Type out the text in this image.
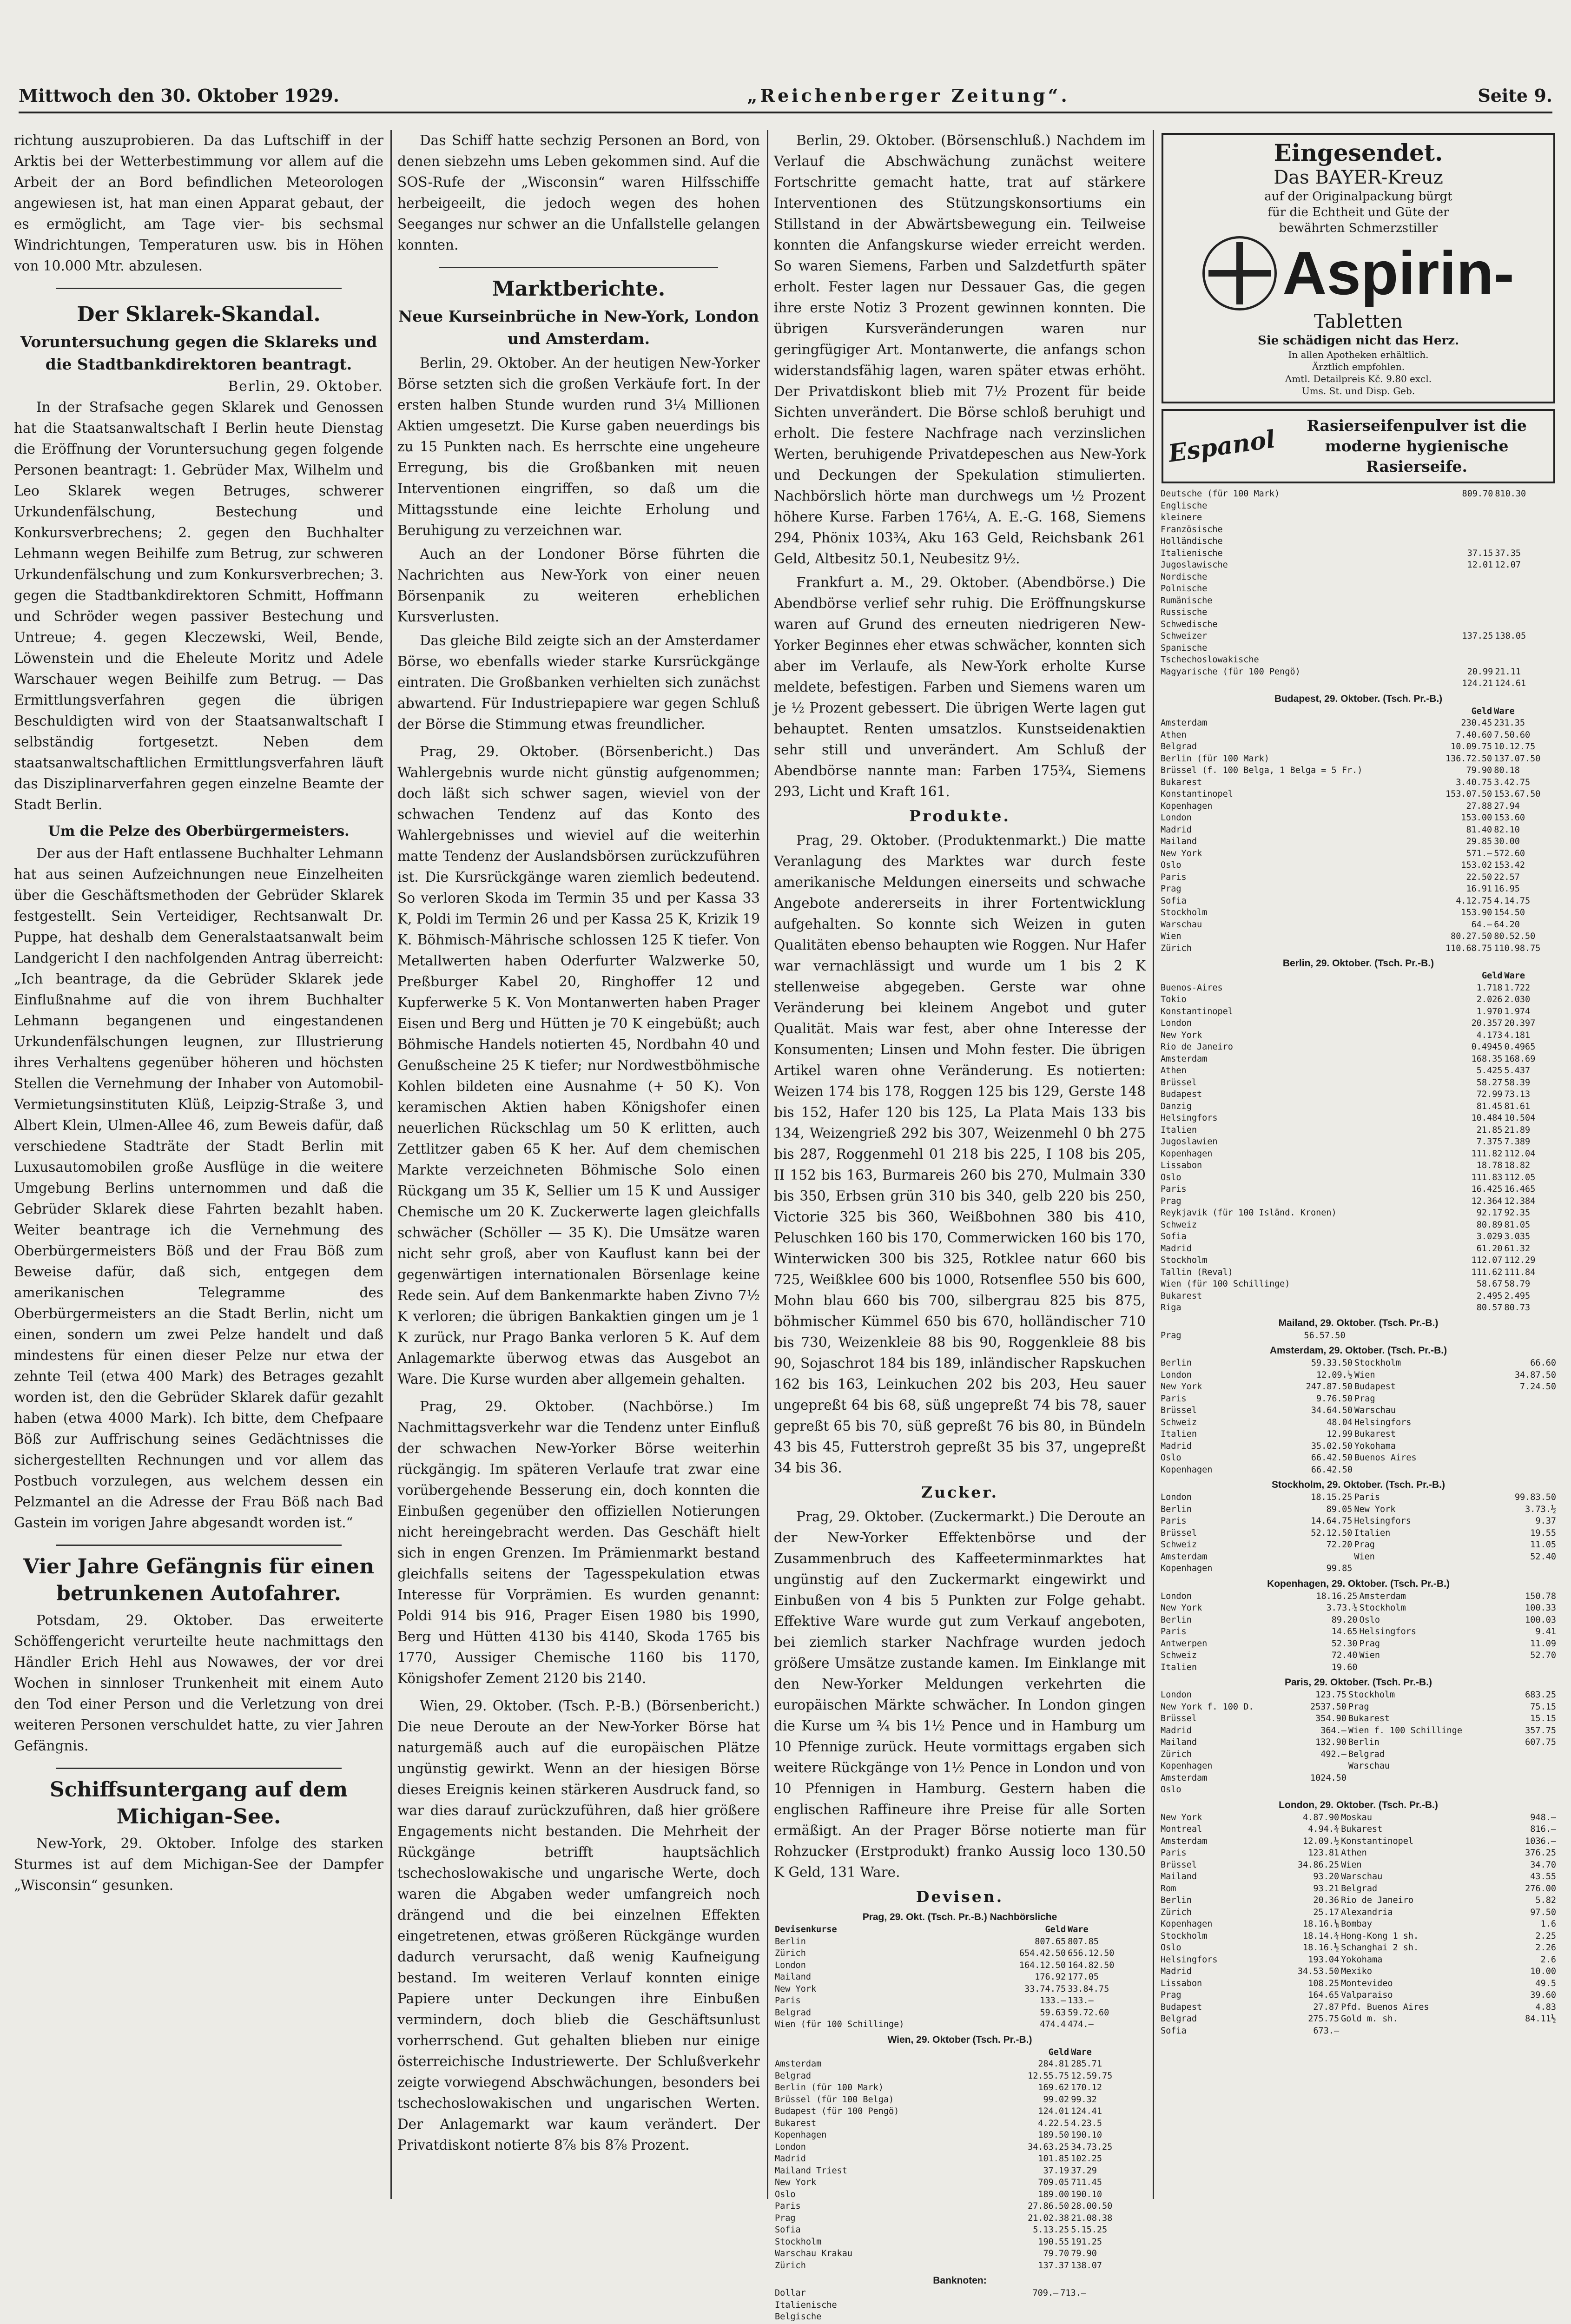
Mittwoch den 30. Oktober 1929.	„Reichenberger Zeitung“.	Seite 9.

richtung auszuprobieren. Da das Luftschiff in der Arktis bei der Wetterbestimmung vor allem auf die Arbeit der an Bord befindlichen Meteorologen angewiesen ist, hat man einen Apparat gebaut, der es ermöglicht, am Tage vier- bis sechsmal Windrichtungen, Temperaturen usw. bis in Höhen von 10.000 Mtr. abzulesen.

Der Sklarek-Skandal.
Voruntersuchung gegen die Sklareks und die Stadtbankdirektoren beantragt.
Berlin, 29. Oktober.

In der Strafsache gegen Sklarek und Genossen hat die Staatsanwaltschaft I Berlin heute Dienstag die Eröffnung der Voruntersuchung gegen folgende Personen beantragt: 1. Gebrüder Max, Wilhelm und Leo Sklarek wegen Betruges, schwerer Urkundenfälschung, Bestechung und Konkursverbrechens; 2. gegen den Buchhalter Lehmann wegen Beihilfe zum Betrug, zur schweren Urkundenfälschung und zum Konkursverbrechen; 3. gegen die Stadtbankdirektoren Schmitt, Hoffmann und Schröder wegen passiver Bestechung und Untreue; 4. gegen Kleczewski, Weil, Bende, Löwenstein und die Eheleute Moritz und Adele Warschauer wegen Beihilfe zum Betrug. — Das Ermittlungsverfahren gegen die übrigen Beschuldigten wird von der Staatsanwaltschaft I selbständig fortgesetzt. Neben dem staatsanwaltschaftlichen Ermittlungsverfahren läuft das Disziplinarverfahren gegen einzelne Beamte der Stadt Berlin.

Um die Pelze des Oberbürgermeisters.

Der aus der Haft entlassene Buchhalter Lehmann hat aus seinen Aufzeichnungen neue Einzelheiten über die Geschäftsmethoden der Gebrüder Sklarek festgestellt. Sein Verteidiger, Rechtsanwalt Dr. Puppe, hat deshalb dem Generalstaatsanwalt beim Landgericht I den nachfolgenden Antrag überreicht: „Ich beantrage, da die Gebrüder Sklarek jede Einflußnahme auf die von ihrem Buchhalter Lehmann begangenen und eingestandenen Urkundenfälschungen leugnen, zur Illustrierung ihres Verhaltens gegenüber höheren und höchsten Stellen die Vernehmung der Inhaber von Automobil-Vermietungsinstituten Klüß, Leipzig-Straße 3, und Albert Klein, Ulmen-Allee 46, zum Beweis dafür, daß verschiedene Stadträte der Stadt Berlin mit Luxusautomobilen große Ausflüge in die weitere Umgebung Berlins unternommen und daß die Gebrüder Sklarek diese Fahrten bezahlt haben. Weiter beantrage ich die Vernehmung des Oberbürgermeisters Böß und der Frau Böß zum Beweise dafür, daß sich, entgegen dem amerikanischen Telegramme des Oberbürgermeisters an die Stadt Berlin, nicht um einen, sondern um zwei Pelze handelt und daß mindestens für einen dieser Pelze nur etwa der zehnte Teil (etwa 400 Mark) des Betrages gezahlt worden ist, den die Gebrüder Sklarek dafür gezahlt haben (etwa 4000 Mark). Ich bitte, dem Chefpaare Böß zur Auffrischung seines Gedächtnisses die sichergestellten Rechnungen und vor allem das Postbuch vorzulegen, aus welchem dessen ein Pelzmantel an die Adresse der Frau Böß nach Bad Gastein im vorigen Jahre abgesandt worden ist.“

Vier Jahre Gefängnis für einen betrunkenen Autofahrer.

Potsdam, 29. Oktober. Das erweiterte Schöffengericht verurteilte heute nachmittags den Händler Erich Hehl aus Nowawes, der vor drei Wochen in sinnloser Trunkenheit mit einem Auto den Tod einer Person und die Verletzung von drei weiteren Personen verschuldet hatte, zu vier Jahren Gefängnis.

Schiffsuntergang auf dem Michigan-See.

New-York, 29. Oktober. Infolge des starken Sturmes ist auf dem Michigan-See der Dampfer „Wisconsin“ gesunken.

Das Schiff hatte sechzig Personen an Bord, von denen siebzehn ums Leben gekommen sind. Auf die SOS-Rufe der „Wisconsin“ waren Hilfsschiffe herbeigeeilt, die jedoch wegen des hohen Seeganges nur schwer an die Unfallstelle gelangen konnten.

Marktberichte.
Neue Kurseinbrüche in New-York, London und Amsterdam.

Berlin, 29. Oktober. An der heutigen New-Yorker Börse setzten sich die großen Verkäufe fort. In der ersten halben Stunde wurden rund 3¼ Millionen Aktien umgesetzt. Die Kurse gaben neuerdings bis zu 15 Punkten nach. Es herrschte eine ungeheure Erregung, bis die Großbanken mit neuen Interventionen eingriffen, so daß um die Mittagsstunde eine leichte Erholung und Beruhigung zu verzeichnen war.

Auch an der Londoner Börse führten die Nachrichten aus New-York von einer neuen Börsenpanik zu weiteren erheblichen Kursverlusten.

Das gleiche Bild zeigte sich an der Amsterdamer Börse, wo ebenfalls wieder starke Kursrückgänge eintraten. Die Großbanken verhielten sich zunächst abwartend. Für Industriepapiere war gegen Schluß der Börse die Stimmung etwas freundlicher.

Prag, 29. Oktober. (Börsenbericht.) Das Wahlergebnis wurde nicht günstig aufgenommen; doch läßt sich schwer sagen, wieviel von der schwachen Tendenz auf das Konto des Wahlergebnisses und wieviel auf die weiterhin matte Tendenz der Auslandsbörsen zurückzuführen ist. Die Kursrückgänge waren ziemlich bedeutend. So verloren Skoda im Termin 35 und per Kassa 33 K, Poldi im Termin 26 und per Kassa 25 K, Krizik 19 K. Böhmisch-Mährische schlossen 125 K tiefer. Von Metallwerten haben Oderfurter Walzwerke 50, Preßburger Kabel 20, Ringhoffer 12 und Kupferwerke 5 K. Von Montanwerten haben Prager Eisen und Berg und Hütten je 70 K eingebüßt; auch Böhmische Handels notierten 45, Nordbahn 40 und Genußscheine 25 K tiefer; nur Nordwestböhmische Kohlen bildeten eine Ausnahme (+ 50 K). Von keramischen Aktien haben Königshofer einen neuerlichen Rückschlag um 50 K erlitten, auch Zettlitzer gaben 65 K her. Auf dem chemischen Markte verzeichneten Böhmische Solo einen Rückgang um 35 K, Sellier um 15 K und Aussiger Chemische um 20 K. Zuckerwerte lagen gleichfalls schwächer (Schöller — 35 K). Die Umsätze waren nicht sehr groß, aber von Kauflust kann bei der gegenwärtigen internationalen Börsenlage keine Rede sein. Auf dem Bankenmarkte haben Zivno 7½ K verloren; die übrigen Bankaktien gingen um je 1 K zurück, nur Prago Banka verloren 5 K. Auf dem Anlagemarkte überwog etwas das Ausgebot an Ware. Die Kurse wurden aber allgemein gehalten.

Prag, 29. Oktober. (Nachbörse.) Im Nachmittagsverkehr war die Tendenz unter Einfluß der schwachen New-Yorker Börse weiterhin rückgängig. Im späteren Verlaufe trat zwar eine vorübergehende Besserung ein, doch konnten die Einbußen gegenüber den offiziellen Notierungen nicht hereingebracht werden. Das Geschäft hielt sich in engen Grenzen. Im Prämienmarkt bestand gleichfalls seitens der Tagesspekulation etwas Interesse für Vorprämien. Es wurden genannt: Poldi 914 bis 916, Prager Eisen 1980 bis 1990, Berg und Hütten 4130 bis 4140, Skoda 1765 bis 1770, Aussiger Chemische 1160 bis 1170, Königshofer Zement 2120 bis 2140.

Wien, 29. Oktober. (Tsch. P.-B.) (Börsenbericht.) Die neue Deroute an der New-Yorker Börse hat naturgemäß auch auf die europäischen Plätze ungünstig gewirkt. Wenn an der hiesigen Börse dieses Ereignis keinen stärkeren Ausdruck fand, so war dies darauf zurückzuführen, daß hier größere Engagements nicht bestanden. Die Mehrheit der Rückgänge betrifft hauptsächlich tschechoslowakische und ungarische Werte, doch waren die Abgaben weder umfangreich noch drängend und die bei einzelnen Effekten eingetretenen, etwas größeren Rückgänge wurden dadurch verursacht, daß wenig Kaufneigung bestand. Im weiteren Verlauf konnten einige Papiere unter Deckungen ihre Einbußen vermindern, doch blieb die Geschäftsunlust vorherrschend. Gut gehalten blieben nur einige österreichische Industriewerte. Der Schlußverkehr zeigte vorwiegend Abschwächungen, besonders bei tschechoslowakischen und ungarischen Werten. Der Anlagemarkt war kaum verändert. Der Privatdiskont notierte 8⅞ bis 8⅞ Prozent.

Berlin, 29. Oktober. (Börsenschluß.) Nachdem im Verlauf die Abschwächung zunächst weitere Fortschritte gemacht hatte, trat auf stärkere Interventionen des Stützungskonsortiums ein Stillstand in der Abwärtsbewegung ein. Teilweise konnten die Anfangskurse wieder erreicht werden. So waren Siemens, Farben und Salzdetfurth später erholt. Fester lagen nur Dessauer Gas, die gegen ihre erste Notiz 3 Prozent gewinnen konnten. Die übrigen Kursveränderungen waren nur geringfügiger Art. Montanwerte, die anfangs schon widerstandsfähig lagen, waren später etwas erhöht. Der Privatdiskont blieb mit 7½ Prozent für beide Sichten unverändert. Die Börse schloß beruhigt und erholt. Die festere Nachfrage nach verzinslichen Werten, beruhigende Privatdepeschen aus New-York und Deckungen der Spekulation stimulierten. Nachbörslich hörte man durchwegs um ½ Prozent höhere Kurse. Farben 176¼, A. E.-G. 168, Siemens 294, Phönix 103¾, Aku 163 Geld, Reichsbank 261 Geld, Altbesitz 50.1, Neubesitz 9½.

Frankfurt a. M., 29. Oktober. (Abendbörse.) Die Abendbörse verlief sehr ruhig. Die Eröffnungskurse waren auf Grund des erneuten niedrigeren New-Yorker Beginnes eher etwas schwächer, konnten sich aber im Verlaufe, als New-York erholte Kurse meldete, befestigen. Farben und Siemens waren um je ½ Prozent gebessert. Die übrigen Werte lagen gut behauptet. Renten umsatzlos. Kunstseidenaktien sehr still und unverändert. Am Schluß der Abendbörse nannte man: Farben 175¾, Siemens 293, Licht und Kraft 161.

Produkte.

Prag, 29. Oktober. (Produktenmarkt.) Die matte Veranlagung des Marktes war durch feste amerikanische Meldungen einerseits und schwache Angebote andererseits in ihrer Fortentwicklung aufgehalten. So konnte sich Weizen in guten Qualitäten ebenso behaupten wie Roggen. Nur Hafer war vernachlässigt und wurde um 1 bis 2 K stellenweise abgegeben. Gerste war ohne Veränderung bei kleinem Angebot und guter Qualität. Mais war fest, aber ohne Interesse der Konsumenten; Linsen und Mohn fester. Die übrigen Artikel waren ohne Veränderung. Es notierten: Weizen 174 bis 178, Roggen 125 bis 129, Gerste 148 bis 152, Hafer 120 bis 125, La Plata Mais 133 bis 134, Weizengrieß 292 bis 307, Weizenmehl 0 bh 275 bis 287, Roggenmehl 01 218 bis 225, I 108 bis 205, II 152 bis 163, Burmareis 260 bis 270, Mulmain 330 bis 350, Erbsen grün 310 bis 340, gelb 220 bis 250, Victorie 325 bis 360, Weißbohnen 380 bis 410, Peluschken 160 bis 170, Commerwicken 160 bis 170, Winterwicken 300 bis 325, Rotklee natur 660 bis 725, Weißklee 600 bis 1000, Rotsenflee 550 bis 600, Mohn blau 660 bis 700, silbergrau 825 bis 875, böhmischer Kümmel 650 bis 670, holländischer 710 bis 730, Weizenkleie 88 bis 90, Roggenkleie 88 bis 90, Sojaschrot 184 bis 189, inländischer Rapskuchen 162 bis 163, Leinkuchen 202 bis 203, Heu sauer ungepreßt 64 bis 68, süß ungepreßt 74 bis 78, sauer gepreßt 65 bis 70, süß gepreßt 76 bis 80, in Bündeln 43 bis 45, Futterstroh gepreßt 35 bis 37, ungepreßt 34 bis 36.

Zucker.

Prag, 29. Oktober. (Zuckermarkt.) Die Deroute an der New-Yorker Effektenbörse und der Zusammenbruch des Kaffeeterminmarktes hat ungünstig auf den Zuckermarkt eingewirkt und Einbußen von 4 bis 5 Punkten zur Folge gehabt. Effektive Ware wurde gut zum Verkauf angeboten, bei ziemlich starker Nachfrage wurden jedoch größere Umsätze zustande kamen. Im Einklange mit den New-Yorker Meldungen verkehrten die europäischen Märkte schwächer. In London gingen die Kurse um ¾ bis 1½ Pence und in Hamburg um 10 Pfennige zurück. Heute vormittags ergaben sich weitere Rückgänge von 1½ Pence in London und von 10 Pfennigen in Hamburg. Gestern haben die englischen Raffineure ihre Preise für alle Sorten ermäßigt. An der Prager Börse notierte man für Rohzucker (Erstprodukt) franko Aussig loco 130.50 K Geld, 131 Ware.

Devisen.
Prag, 29. Okt. (Tsch. Pr.-B.) Nachbörsliche
Devisenkurse	Geld	Ware
Berlin	807.65	807.85
Zürich	654.42.50	656.12.50
London	164.12.50	164.82.50
Mailand	176.92	177.05
New York	33.74.75	33.84.75
Paris	133.—	133.—
Belgrad	59.63	59.72.60
Wien (für 100 Schillinge)	474.4	474.—
Wien, 29. Oktober (Tsch. Pr.-B.)
	Geld	Ware
Amsterdam	284.81	285.71
Belgrad	12.55.75	12.59.75
Berlin (für 100 Mark)	169.62	170.12
Brüssel (für 100 Belga)	99.02	99.32
Budapest (für 100 Pengö)	124.01	124.41
Bukarest	4.22.5	4.23.5
Kopenhagen	189.50	190.10
London	34.63.25	34.73.25
Madrid	101.85	102.25
Mailand Triest	37.19	37.29
New York	709.05	711.45
Oslo	189.00	190.10
Paris	27.86.50	28.00.50
Prag	21.02.38	21.08.38
Sofia	5.13.25	5.15.25
Stockholm	190.55	191.25
Warschau Krakau	79.70	79.90
Zürich	137.37	138.07
Banknoten:
Dollar	709.—	713.—
Italienische		
Belgische		

Eingesendet.
Das BAYER-Kreuz
auf der Originalpackung bürgt
für die Echtheit und Güte der
bewährten Schmerzstiller
Aspirin-
Tabletten
Sie schädigen nicht das Herz.
In allen Apotheken erhältlich.
Ärztlich empfohlen.
Amtl. Detailpreis Kč. 9.80 excl.
Ums. St. und Disp. Geb.
Espanol	Rasierseifenpulver ist die moderne hygienische Rasierseife.
Deutsche (für 100 Mark)	809.70	810.30
Englische		
kleinere		
Französische		
Holländische		
Italienische	37.15	37.35
Jugoslawische	12.01	12.07
Nordische		
Polnische		
Rumänische		
Russische		
Schwedische		
Schweizer	137.25	138.05
Spanische		
Tschechoslowakische		
Magyarische (für 100 Pengö)	20.99	21.11
	124.21	124.61
Budapest, 29. Oktober. (Tsch. Pr.-B.)
	Geld	Ware
Amsterdam	230.45	231.35
Athen	7.40.60	7.50.60
Belgrad	10.09.75	10.12.75
Berlin (für 100 Mark)	136.72.50	137.07.50
Brüssel (f. 100 Belga, 1 Belga = 5 Fr.)	79.90	80.18
Bukarest	3.40.75	3.42.75
Konstantinopel	153.07.50	153.67.50
Kopenhagen	27.88	27.94
London	153.00	153.60
Madrid	81.40	82.10
Mailand	29.85	30.00
New York	571.—	572.60
Oslo	153.02	153.42
Paris	22.50	22.57
Prag	16.91	16.95
Sofia	4.12.75	4.14.75
Stockholm	153.90	154.50
Warschau	64.—	64.20
Wien	80.27.50	80.52.50
Zürich	110.68.75	110.98.75
Berlin, 29. Oktober. (Tsch. Pr.-B.)
	Geld	Ware
Buenos-Aires	1.718	1.722
Tokio	2.026	2.030
Konstantinopel	1.970	1.974
London	20.357	20.397
New York	4.173	4.181
Rio de Janeiro	0.4945	0.4965
Amsterdam	168.35	168.69
Athen	5.425	5.437
Brüssel	58.27	58.39
Budapest	72.99	73.13
Danzig	81.45	81.61
Helsingfors	10.484	10.504
Italien	21.85	21.89
Jugoslawien	7.375	7.389
Kopenhagen	111.82	112.04
Lissabon	18.78	18.82
Oslo	111.83	112.05
Paris	16.425	16.465
Prag	12.364	12.384
Reykjavik (für 100 Isländ. Kronen)	92.17	92.35
Schweiz	80.89	81.05
Sofia	3.029	3.035
Madrid	61.20	61.32
Stockholm	112.07	112.29
Tallin (Reval)	111.62	111.84
Wien (für 100 Schillinge)	58.67	58.79
Bukarest	2.495	2.495
Riga	80.57	80.73
Mailand, 29. Oktober. (Tsch. Pr.-B.)
Prag		56.57.50
Amsterdam, 29. Oktober. (Tsch. Pr.-B.)
Berlin	59.33.50	Stockholm	66.60
London	12.09.½	Wien	34.87.50
New York	247.87.50	Budapest	7.24.50
Paris	9.76.50	Prag	
Brüssel	34.64.50	Warschau	
Schweiz	48.04	Helsingfors	
Italien	12.99	Bukarest	
Madrid	35.02.50	Yokohama	
Oslo	66.42.50	Buenos Aires	
Kopenhagen	66.42.50		
Stockholm, 29. Oktober. (Tsch. Pr.-B.)
London	18.15.25	Paris	99.83.50
Berlin	89.05	New York	3.73.½
Paris	14.64.75	Helsingfors	9.37
Brüssel	52.12.50	Italien	19.55
Schweiz	72.20	Prag	11.05
Amsterdam		Wien	52.40
Kopenhagen	99.85		
Kopenhagen, 29. Oktober. (Tsch. Pr.-B.)
London	18.16.25	Amsterdam	150.78
New York	3.73.¾	Stockholm	100.33
Berlin	89.20	Oslo	100.03
Paris	14.65	Helsingfors	9.41
Antwerpen	52.30	Prag	11.09
Schweiz	72.40	Wien	52.70
Italien	19.60		
Paris, 29. Oktober. (Tsch. Pr.-B.)
London	123.75	Stockholm	683.25
New York f. 100 D.	2537.50	Prag	75.15
Brüssel	354.90	Bukarest	15.15
Madrid	364.—	Wien f. 100 Schillinge	357.75
Mailand	132.90	Berlin	607.75
Zürich	492.—	Belgrad	
Kopenhagen		Warschau	
Amsterdam	1024.50		
Oslo			
London, 29. Oktober. (Tsch. Pr.-B.)
New York	4.87.90	Moskau	948.—
Montreal	4.94.¾	Bukarest	816.—
Amsterdam	12.09.½	Konstantinopel	1036.—
Paris	123.81	Athen	376.25
Brüssel	34.86.25	Wien	34.70
Mailand	93.20	Warschau	43.55
Rom	93.21	Belgrad	276.00
Berlin	20.36	Rio de Janeiro	5.82
Zürich	25.17	Alexandria	97.50
Kopenhagen	18.16.⅛	Bombay	1.6
Stockholm	18.14.¾	Hong-Kong 1 sh.	2.25
Oslo	18.16.½	Schanghai 2 sh.	2.26
Helsingfors	193.04	Yokohama	2.6
Madrid	34.53.50	Mexiko	10.00
Lissabon	108.25	Montevideo	49.5
Prag	164.65	Valparaiso	39.60
Budapest	27.87	Pfd. Buenos Aires	4.83
Belgrad	275.75	Gold m. sh.	84.11½
Sofia	673.—		
